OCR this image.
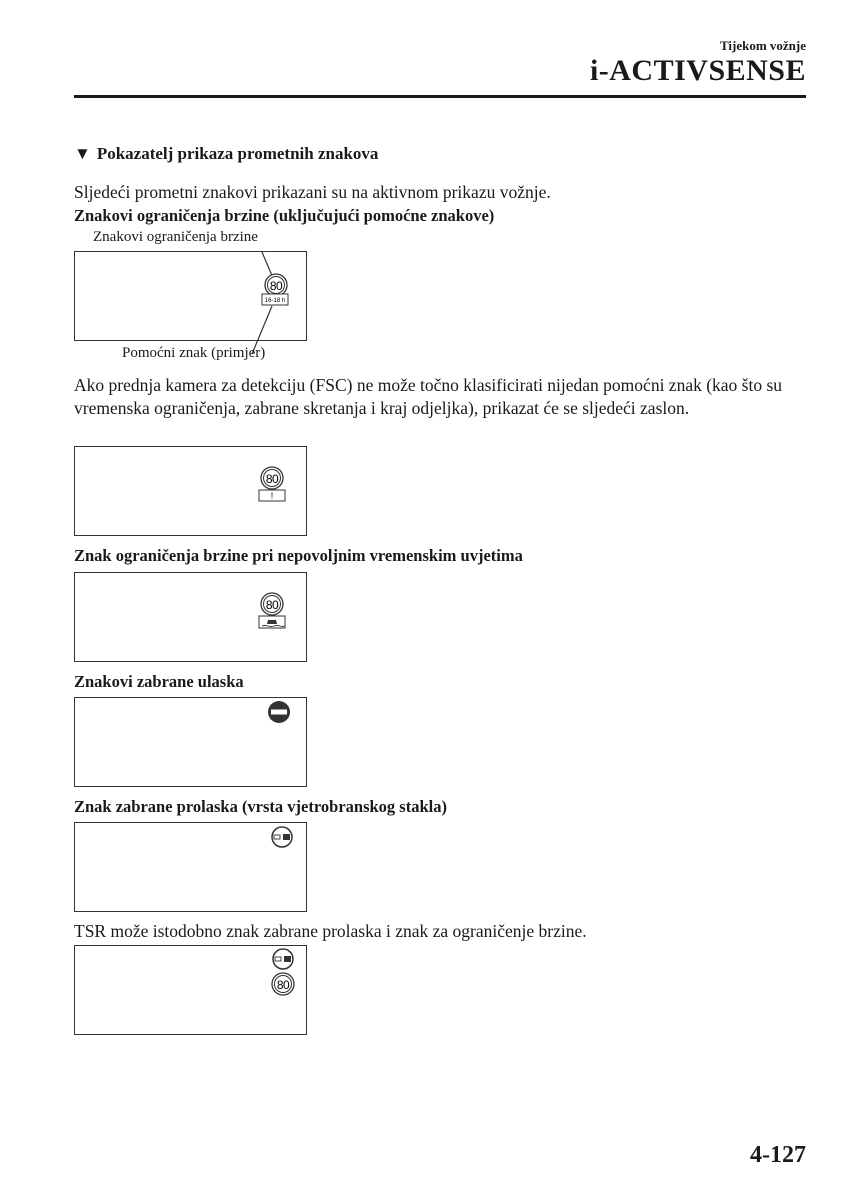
Tijekom vožnje
i-ACTIVSENSE
▼ Pokazatelj prikaza prometnih znakova
Sljedeći prometni znakovi prikazani su na aktivnom prikazu vožnje.
Znakovi ograničenja brzine (uključujući pomoćne znakove)
Znakovi ograničenja brzine
80
16-18 h
Pomoćni znak (primjer)
Ako prednja kamera za detekciju (FSC) ne može točno klasificirati nijedan pomoćni znak (kao što su vremenska ograničenja, zabrane skretanja i kraj odjeljka), prikazat će se sljedeći zaslon.
80
!
Znak ograničenja brzine pri nepovoljnim vremenskim uvjetima
80
Znakovi zabrane ulaska
Znak zabrane prolaska (vrsta vjetrobranskog stakla)
TSR može istodobno znak zabrane prolaska i znak za ograničenje brzine.
80
4-127
